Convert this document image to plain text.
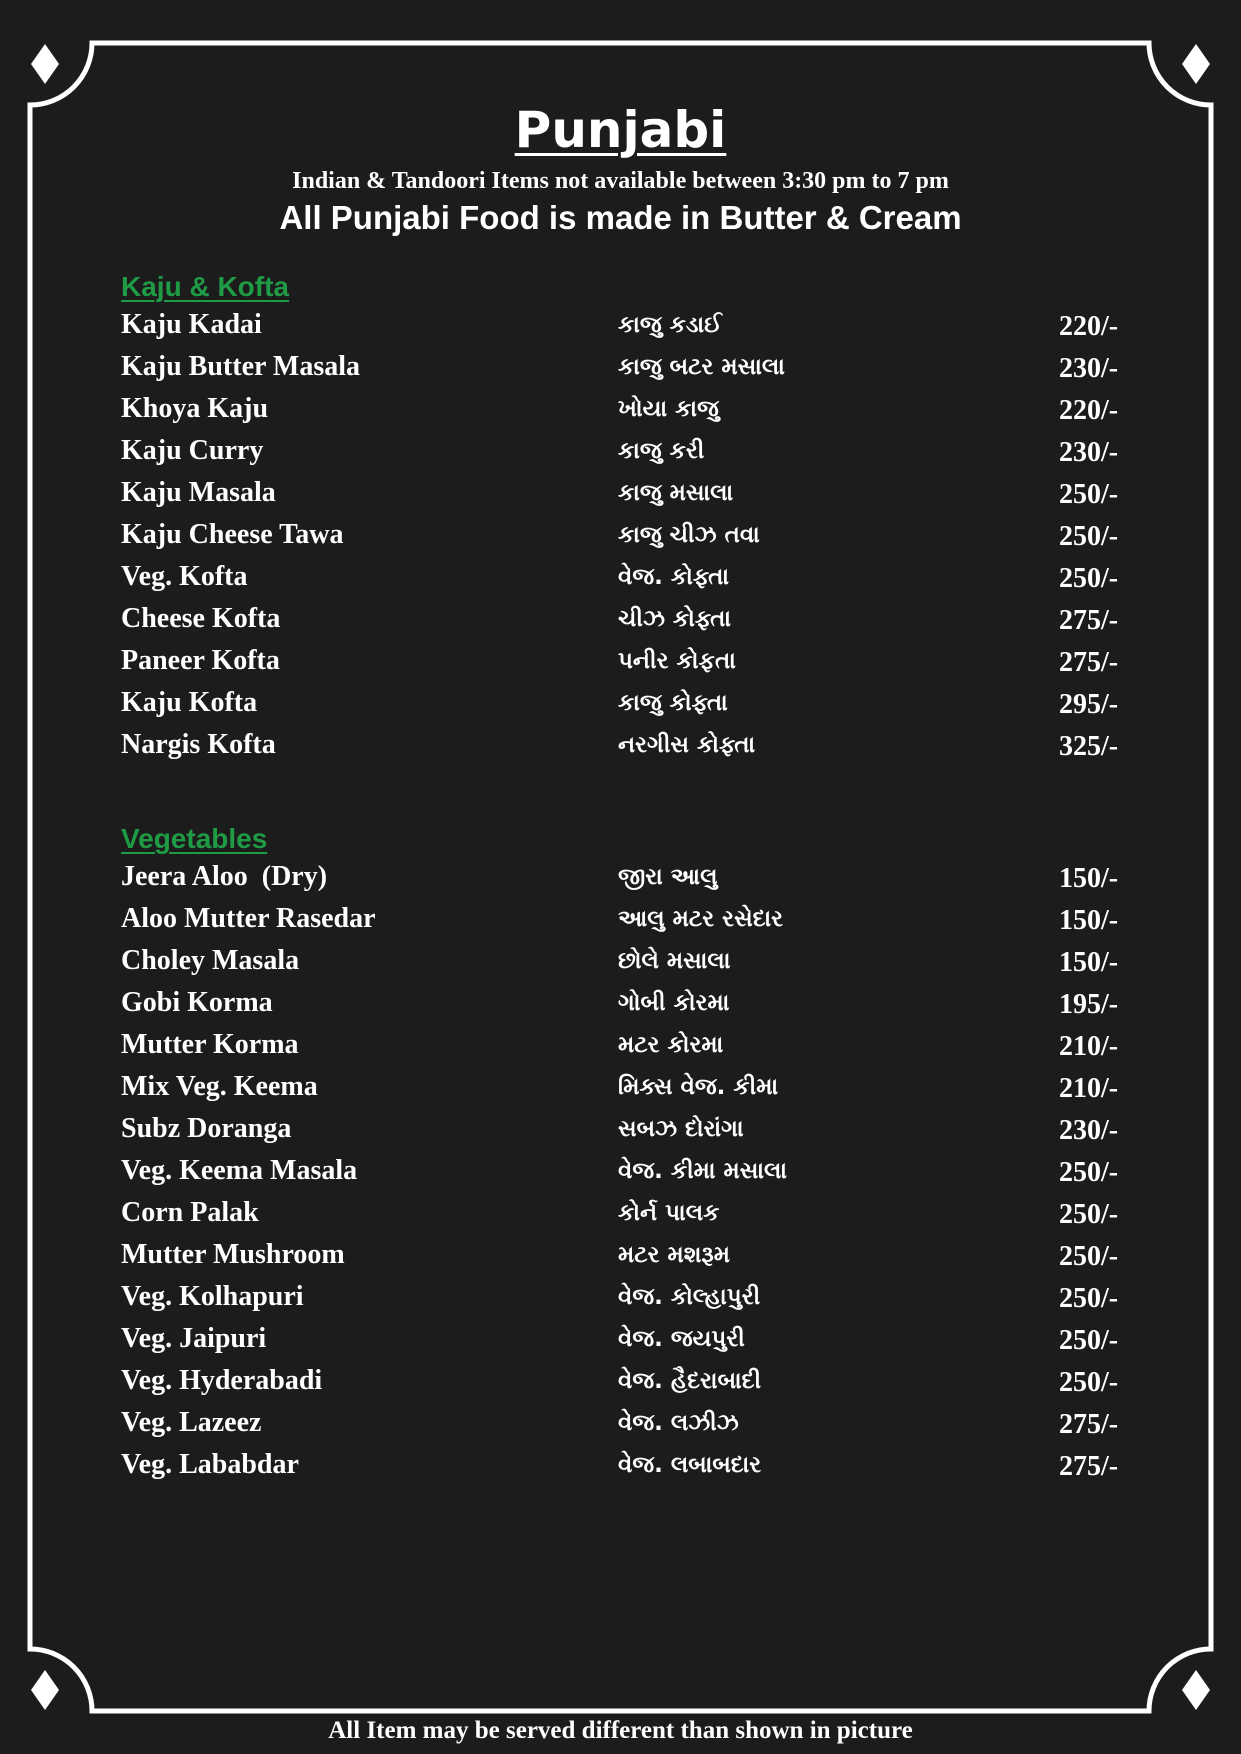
Punjabi
Indian & Tandoori Items not available between 3:30 pm to 7 pm
All Punjabi Food is made in Butter & Cream
Kaju & Kofta
Kaju Kadai	કાજુ કડાઈ	220/-
Kaju Butter Masala	કાજુ બટર મસાલા	230/-
Khoya Kaju	ખોયા કાજુ	220/-
Kaju Curry	કાજુ કરી	230/-
Kaju Masala	કાજુ મસાલા	250/-
Kaju Cheese Tawa	કાજુ ચીઝ તવા	250/-
Veg. Kofta	વેજ. કોફ્તા	250/-
Cheese Kofta	ચીઝ કોફ્તા	275/-
Paneer Kofta	પનીર કોફતા	275/-
Kaju Kofta	કાજુ કોફ્તા	295/-
Nargis Kofta	નરગીસ કોફ્તા	325/-
Vegetables
Jeera Aloo  (Dry)	જીરા આલુ	150/-
Aloo Mutter Rasedar	આલુ મટર રસેદાર	150/-
Choley Masala	છોલે મસાલા	150/-
Gobi Korma	ગોબી કોરમા	195/-
Mutter Korma	મટર કોરમા	210/-
Mix Veg. Keema	મિક્સ વેજ. કીમા	210/-
Subz Doranga	સબઝ દોરાંગા	230/-
Veg. Keema Masala	વેજ. કીમા મસાલા	250/-
Corn Palak	કોર્ન પાલક	250/-
Mutter Mushroom	મટર મશરૂમ	250/-
Veg. Kolhapuri	વેજ. કોલ્હાપુરી	250/-
Veg. Jaipuri	વેજ. જયપુરી	250/-
Veg. Hyderabadi	વેજ. હૈદરાબાદી	250/-
Veg. Lazeez	વેજ. લઝીઝ	275/-
Veg. Lababdar	વેજ. લબાબદાર	275/-
All Item may be served different than shown in picture
